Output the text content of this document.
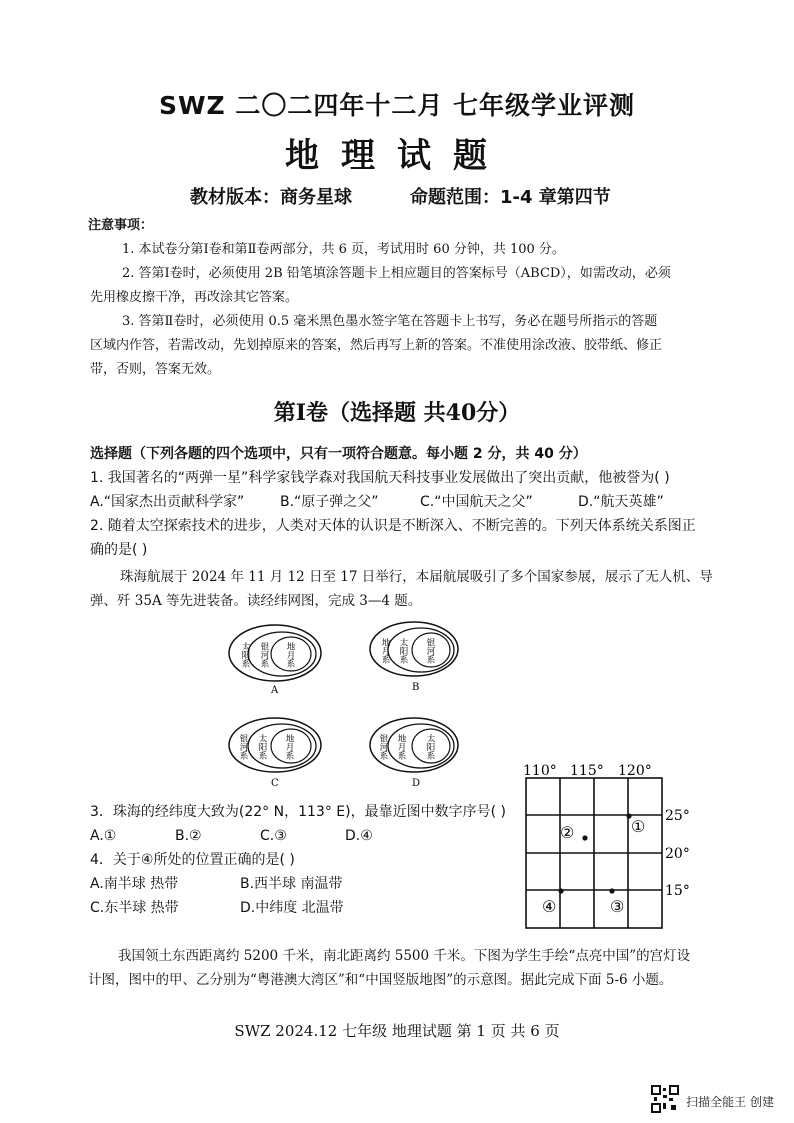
SWZ 二〇二四年十二月 七年级学业评测
地理试题
教材版本：商务星球	命题范围：1-4 章第四节
注意事项：
1. 本试卷分第Ⅰ卷和第Ⅱ卷两部分，共 6 页，考试用时 60 分钟，共 100 分。
2. 答第Ⅰ卷时，必须使用 2B 铅笔填涂答题卡上相应题目的答案标号（ABCD），如需改动，必须
先用橡皮擦干净，再改涂其它答案。
3. 答第Ⅱ卷时，必须使用 0.5 毫米黑色墨水签字笔在答题卡上书写，务必在题号所指示的答题
区域内作答，若需改动，先划掉原来的答案，然后再写上新的答案。不准使用涂改液、胶带纸、修正
带，否则，答案无效。
第Ⅰ卷（选择题 共40分）
选择题（下列各题的四个选项中，只有一项符合题意。每小题 2 分，共 40 分）
1. 我国著名的“两弹一星”科学家钱学森对我国航天科技事业发展做出了突出贡献，他被誉为( )
A.“国家杰出贡献科学家”	B.“原子弹之父”	C.“中国航天之父”	D.“航天英雄”
2. 随着太空探索技术的进步，人类对天体的认识是不断深入、不断完善的。下列天体系统关系图正
确的是( )
珠海航展于 2024 年 11 月 12 日至 17 日举行，本届航展吸引了多个国家参展，展示了无人机、导
弹、歼 35A 等先进装备。读经纬网图，完成 3—4 题。
太阳系 银河系 地月系
A
地月系 太阳系 银河系
B
银河系 太阳系 地月系
C
银河系 地月系 太阳系
D
110° 115° 120°
25°
20°
15°
①
②
③
④
3．珠海的经纬度大致为(22° N，113° E)，最靠近图中数字序号( )
A.①	B.②	C.③	D.④
4．关于④所处的位置正确的是( )
A.南半球 热带	B.西半球 南温带
C.东半球 热带	D.中纬度 北温带
我国领土东西距离约 5200 千米，南北距离约 5500 千米。下图为学生手绘“点亮中国”的宫灯设
计图，图中的甲、乙分别为“粤港澳大湾区”和“中国竖版地图”的示意图。据此完成下面 5-6 小题。
SWZ 2024.12 七年级 地理试题 第 1 页 共 6 页
扫描全能王 创建
